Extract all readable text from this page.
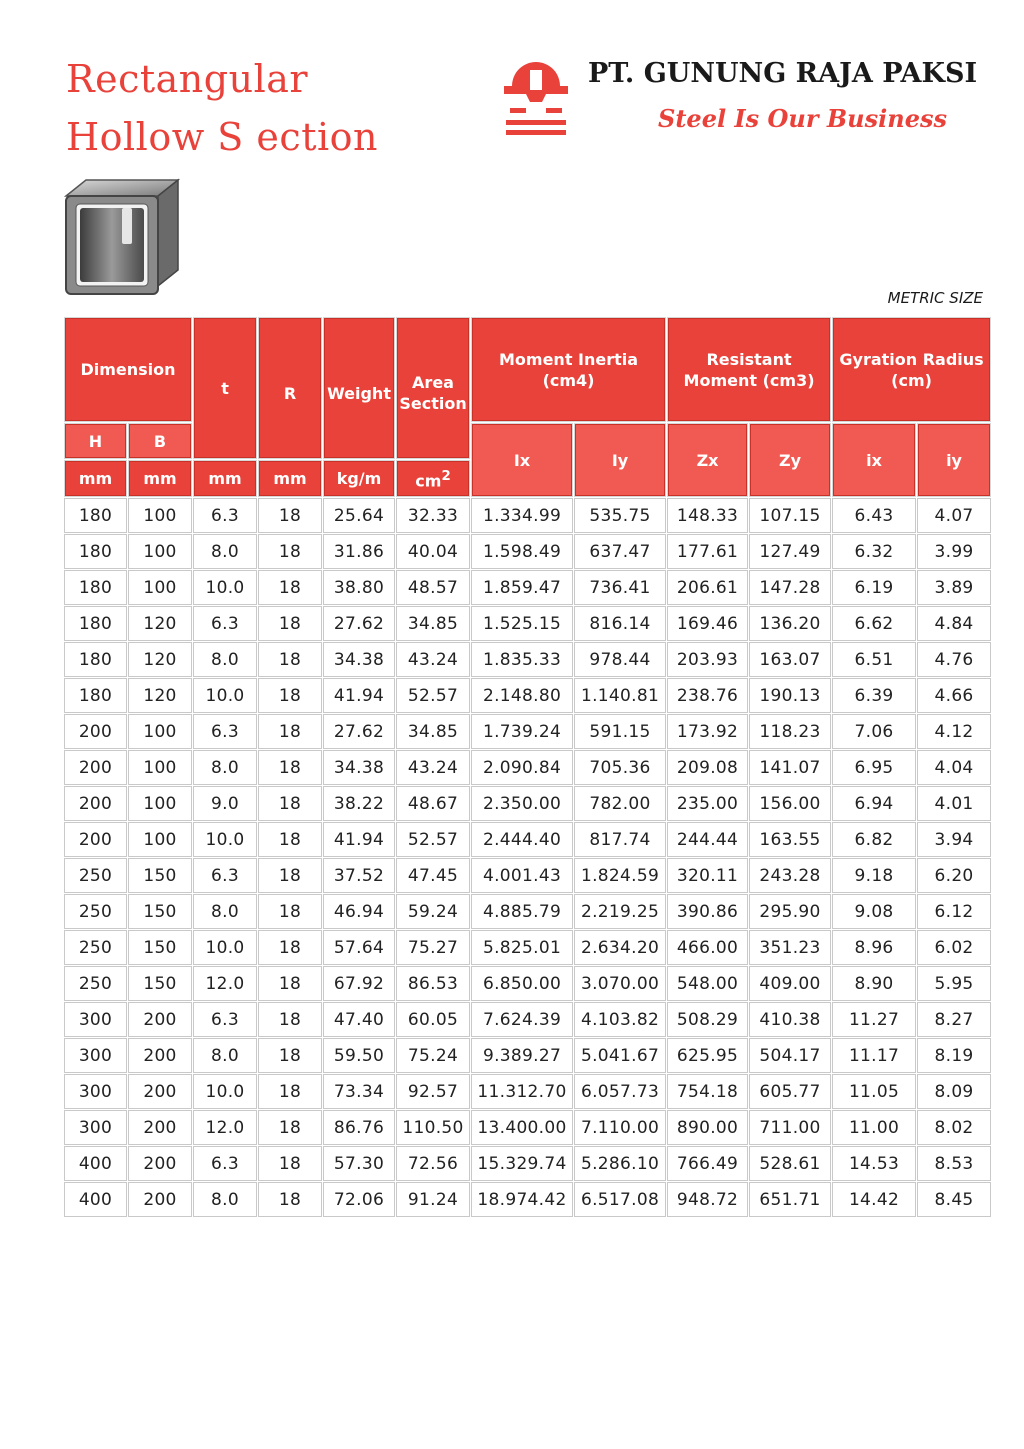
Rectangular
Hollow S ection
PT. GUNUNG RAJA PAKSI
Steel Is Our Business
METRIC SIZE
Dimension		t	R	Weight	Area Section	Moment Inertia (cm4)		Resistant Moment (cm3)		Gyration Radius (cm)	
H	B					Ix	Iy	Zx	Zy	ix	iy
mm	mm	mm	mm	kg/m	$cm^2$
180	100	6.3	18	25.64	32.33	1.334.99	535.75	148.33	107.15	6.43	4.07
180	100	8.0	18	31.86	40.04	1.598.49	637.47	177.61	127.49	6.32	3.99
180	100	10.0	18	38.80	48.57	1.859.47	736.41	206.61	147.28	6.19	3.89
180	120	6.3	18	27.62	34.85	1.525.15	816.14	169.46	136.20	6.62	4.84
180	120	8.0	18	34.38	43.24	1.835.33	978.44	203.93	163.07	6.51	4.76
180	120	10.0	18	41.94	52.57	2.148.80	1.140.81	238.76	190.13	6.39	4.66
200	100	6.3	18	27.62	34.85	1.739.24	591.15	173.92	118.23	7.06	4.12
200	100	8.0	18	34.38	43.24	2.090.84	705.36	209.08	141.07	6.95	4.04
200	100	9.0	18	38.22	48.67	2.350.00	782.00	235.00	156.00	6.94	4.01
200	100	10.0	18	41.94	52.57	2.444.40	817.74	244.44	163.55	6.82	3.94
250	150	6.3	18	37.52	47.45	4.001.43	1.824.59	320.11	243.28	9.18	6.20
250	150	8.0	18	46.94	59.24	4.885.79	2.219.25	390.86	295.90	9.08	6.12
250	150	10.0	18	57.64	75.27	5.825.01	2.634.20	466.00	351.23	8.96	6.02
250	150	12.0	18	67.92	86.53	6.850.00	3.070.00	548.00	409.00	8.90	5.95
300	200	6.3	18	47.40	60.05	7.624.39	4.103.82	508.29	410.38	11.27	8.27
300	200	8.0	18	59.50	75.24	9.389.27	5.041.67	625.95	504.17	11.17	8.19
300	200	10.0	18	73.34	92.57	11.312.70	6.057.73	754.18	605.77	11.05	8.09
300	200	12.0	18	86.76	110.50	13.400.00	7.110.00	890.00	711.00	11.00	8.02
400	200	6.3	18	57.30	72.56	15.329.74	5.286.10	766.49	528.61	14.53	8.53
400	200	8.0	18	72.06	91.24	18.974.42	6.517.08	948.72	651.71	14.42	8.45
